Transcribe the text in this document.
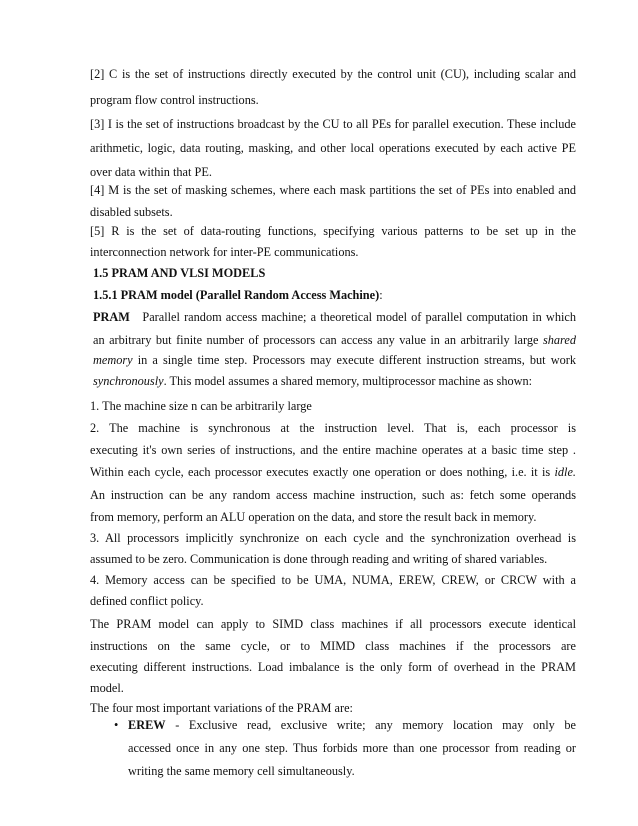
[2] C is the set of instructions directly executed by the control unit (CU), including scalar and
program flow control instructions.
[3] I is the set of instructions broadcast by the CU to all PEs for parallel execution. These include
arithmetic, logic, data routing, masking, and other local operations executed by each active PE
over data within that PE.
[4] M is the set of masking schemes, where each mask partitions the set of PEs into enabled and
disabled subsets.
[5] R is the set of data-routing functions, specifying various patterns to be set up in the
interconnection network for inter-PE communications.
1.5 PRAM AND VLSI MODELS
1.5.1 PRAM model (Parallel Random Access Machine):
PRAM Parallel random access machine; a theoretical model of parallel computation in which
an arbitrary but finite number of processors can access any value in an arbitrarily large shared
memory in a single time step. Processors may execute different instruction streams, but work
synchronously. This model assumes a shared memory, multiprocessor machine as shown:
1. The machine size n can be arbitrarily large
2. The machine is synchronous at the instruction level. That is, each processor is
executing it's own series of instructions, and the entire machine operates at a basic time step .
Within each cycle, each processor executes exactly one operation or does nothing, i.e. it is idle.
An instruction can be any random access machine instruction, such as: fetch some operands
from memory, perform an ALU operation on the data, and store the result back in memory.
3. All processors implicitly synchronize on each cycle and the synchronization overhead is
assumed to be zero. Communication is done through reading and writing of shared variables.
4. Memory access can be specified to be UMA, NUMA, EREW, CREW, or CRCW with a
defined conflict policy.
The PRAM model can apply to SIMD class machines if all processors execute identical
instructions on the same cycle, or to MIMD class machines if the processors are
executing different instructions. Load imbalance is the only form of overhead in the PRAM
model.
The four most important variations of the PRAM are:
• EREW - Exclusive read, exclusive write; any memory location may only be
accessed once in any one step. Thus forbids more than one processor from reading or
writing the same memory cell simultaneously.
